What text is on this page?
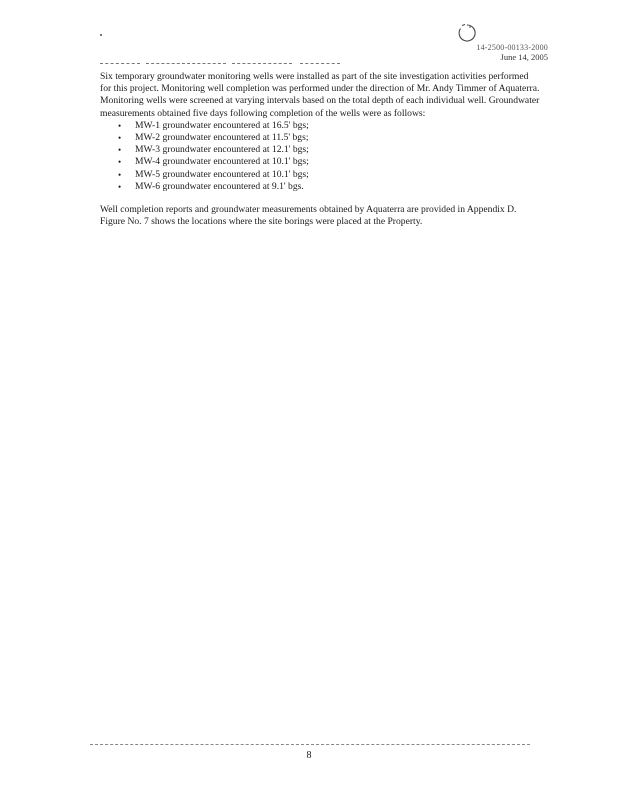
14-2500-00133-2000
June 14, 2005

Six temporary groundwater monitoring wells were installed as part of the site investigation activities performed for this project. Monitoring well completion was performed under the direction of Mr. Andy Timmer of Aquaterra. Monitoring wells were screened at varying intervals based on the total depth of each individual well. Groundwater measurements obtained five days following completion of the wells were as follows:

• MW-1 groundwater encountered at 16.5' bgs;
• MW-2 groundwater encountered at 11.5' bgs;
• MW-3 groundwater encountered at 12.1' bgs;
• MW-4 groundwater encountered at 10.1' bgs;
• MW-5 groundwater encountered at 10.1' bgs;
• MW-6 groundwater encountered at 9.1' bgs.

Well completion reports and groundwater measurements obtained by Aquaterra are provided in Appendix D. Figure No. 7 shows the locations where the site borings were placed at the Property.

8
